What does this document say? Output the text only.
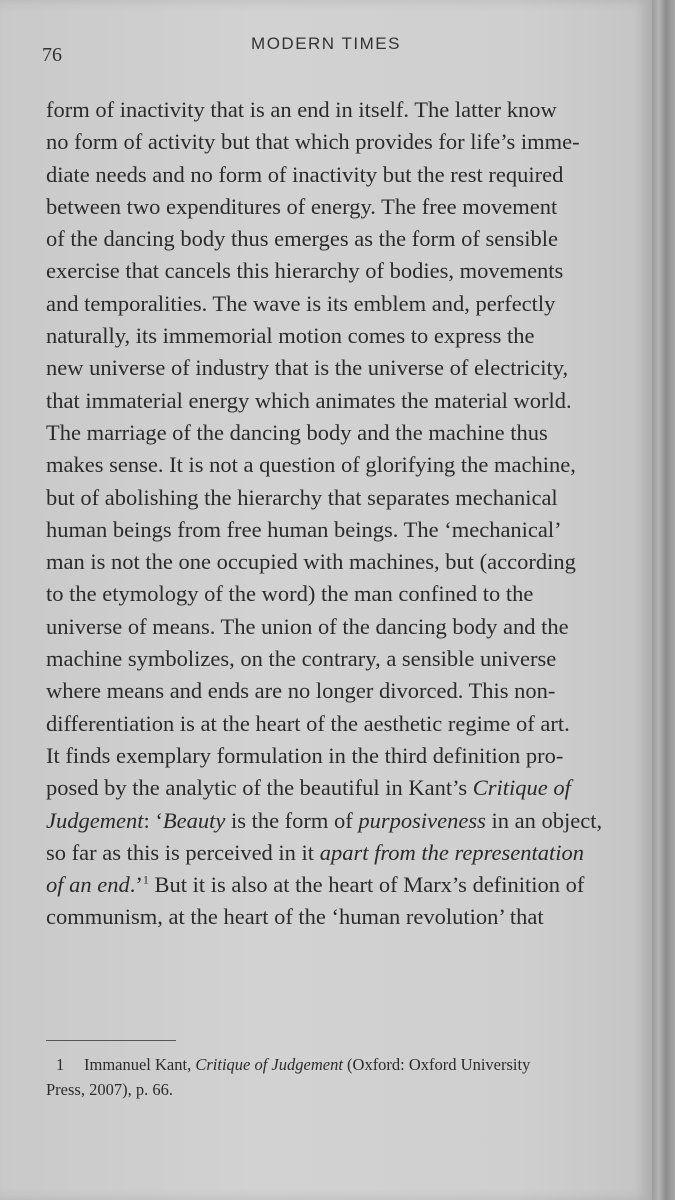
76
MODERN TIMES
form of inactivity that is an end in itself. The latter know
no form of activity but that which provides for life’s imme-
diate needs and no form of inactivity but the rest required
between two expenditures of energy. The free movement
of the dancing body thus emerges as the form of sensible
exercise that cancels this hierarchy of bodies, movements
and temporalities. The wave is its emblem and, perfectly
naturally, its immemorial motion comes to express the
new universe of industry that is the universe of electricity,
that immaterial energy which animates the material world.
The marriage of the dancing body and the machine thus
makes sense. It is not a question of glorifying the machine,
but of abolishing the hierarchy that separates mechanical
human beings from free human beings. The ‘mechanical’
man is not the one occupied with machines, but (according
to the etymology of the word) the man confined to the
universe of means. The union of the dancing body and the
machine symbolizes, on the contrary, a sensible universe
where means and ends are no longer divorced. This non-
differentiation is at the heart of the aesthetic regime of art.
It finds exemplary formulation in the third definition pro-
posed by the analytic of the beautiful in Kant’s Critique of
Judgement: ‘Beauty is the form of purposiveness in an object,
so far as this is perceived in it apart from the representation
of an end.’$^1$ But it is also at the heart of Marx’s definition of
communism, at the heart of the ‘human revolution’ that
1 Immanuel Kant, Critique of Judgement (Oxford: Oxford University
Press, 2007), p. 66.
